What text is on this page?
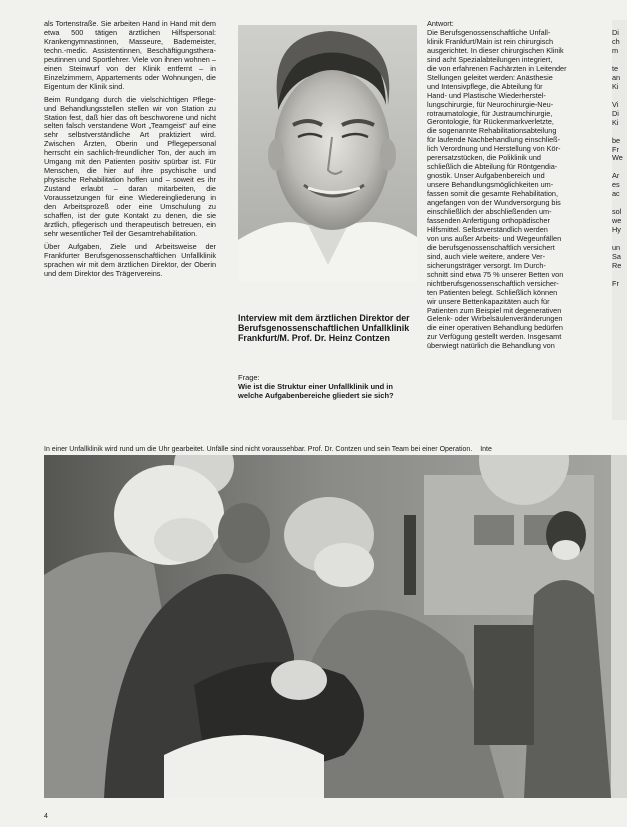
als Tortenstraße. Sie arbeiten Hand in Hand mit dem etwa 500 tätigen ärztlichen Hilfspersonal: Krankengymnastinnen, Masseure, Bademeister, techn.-medic. Assistentinnen, Beschäftigungsthera-peutinnen und Sportlehrer. Viele von ihnen wohnen – einen Steinwurf von der Klinik entfernt – in Einzelzimmern, Appartements oder Wohnungen, die Eigentum der Klinik sind.

Beim Rundgang durch die vielschichtigen Pflege- und Behandlungsstellen stellen wir von Station zu Station fest, daß hier das oft beschworene und nicht selten falsch verstandene Wort „Teamgeist“ auf eine sehr selbstverständliche Art praktiziert wird. Zwischen Ärzten, Oberin und Pflegepersonal herrscht ein sachlich-freundlicher Ton, der auch im Umgang mit den Patienten positiv spürbar ist. Für Menschen, die hier auf ihre psychische und physische Rehabilitation hoffen und – soweit es ihr Zustand erlaubt – daran mitarbeiten, die Voraussetzungen für eine Wiedereingliederung in den Arbeitsprozeß oder eine Umschulung zu schaffen, ist der gute Kontakt zu denen, die sie ärztlich, pflegerisch und therapeutisch betreuen, ein sehr wesentlicher Teil der Gesamtrehabilitation.

Über Aufgaben, Ziele und Arbeitsweise der Frankfurter Berufsgenossenschaftlichen Unfallklinik sprachen wir mit dem ärztlichen Direktor, der Oberin und dem Direktor des Trägervereins.

Interview mit dem ärztlichen Direktor der Berufsgenossenschaftlichen Unfallklinik Frankfurt/M. Prof. Dr. Heinz Contzen
Frage:
Wie ist die Struktur einer Unfallklinik und in welche Aufgabenbereiche gliedert sie sich?

Antwort:

Die Berufsgenossenschaftliche Unfall-

klinik Frankfurt/Main ist rein chirurgisch

ausgerichtet. In dieser chirurgischen Klinik

sind acht Spezialabteilungen integriert,

die von erfahrenen Fachärzten in Leitender

Stellungen geleitet werden: Anästhesie

und Intensivpflege, die Abteilung für

Hand- und Plastische Wiederherstel-

lungschirurgie, für Neurochirurgie-Neu-

rotraumatologie, für Justraumchirurgie,

Gerontologie, für Rückenmarkverletzte,

die sogenannte Rehabilitationsabteilung

für laufende Nachbehandlung einschließ-

lich Verordnung und Herstellung von Kör-

perersatzstücken, die Poliklinik und

schließlich die Abteilung für Röntgendia-

gnostik. Unser Aufgabenbereich und

unsere Behandlungsmöglichkeiten um-

fassen somit die gesamte Rehabilitation,

angefangen von der Wundversorgung bis

einschließlich der abschließenden um-

fassenden Anfertigung orthopädischer

Hilfsmittel. Selbstverständlich werden

von uns außer Arbeits- und Wegeunfällen

die berufsgenossenschaftlich versichert

sind, auch viele weitere, andere Ver-

sicherungsträger versorgt. Im Durch-

schnitt sind etwa 75 % unserer Betten von

nichtberufsgenossenschaftlich versicher-

ten Patienten belegt. Schließlich können

wir unsere Bettenkapazitäten auch für

Patienten zum Beispiel mit degenerativen

Gelenk- oder Wirbelsäulenveränderungen

die einer operativen Behandlung bedürfen

zur Verfügung gestellt werden. Insgesamt

überwiegt natürlich die Behandlung von

Di
ch
m
te
an
Ki
Vi
Di
Ki
be
Fr
We
Ar
es
ac
sol
we
Hy
un
Sa
Re
Fr
In einer Unfallklinik wird rund um die Uhr gearbeitet. Unfälle sind nicht voraussehbar. Prof. Dr. Contzen und sein Team bei einer Operation. Inte
4
